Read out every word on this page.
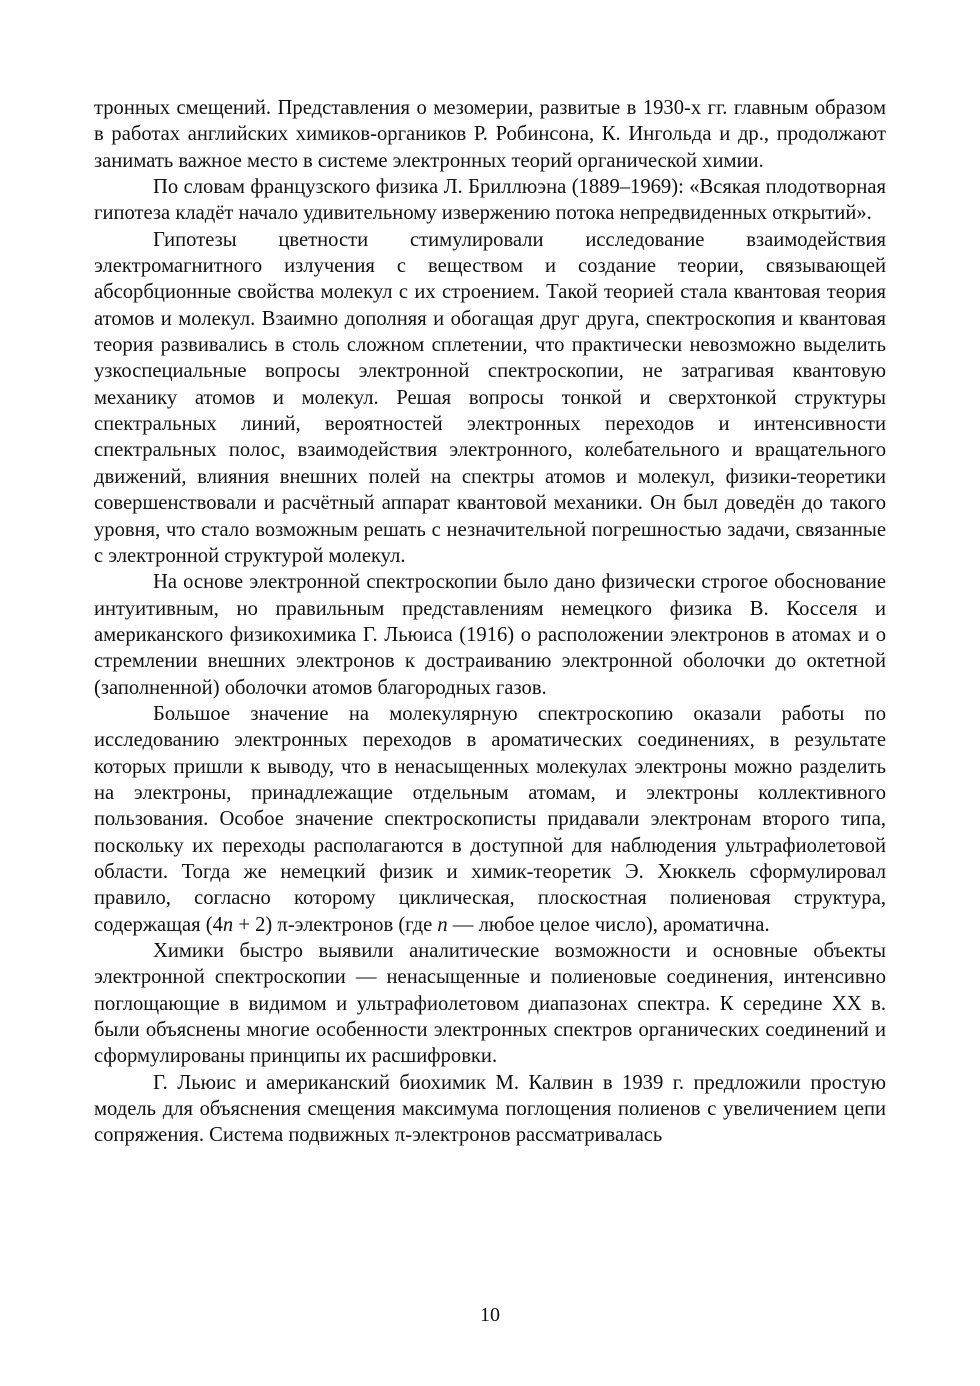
тронных смещений. Представления о мезомерии, развитые в 1930-х гг. главным образом в работах английских химиков-органиков Р. Робинсона, К. Ингольда и др., продолжают занимать важное место в системе электронных теорий органической химии.

По словам французского физика Л. Бриллюэна (1889–1969): «Всякая плодотворная гипотеза кладёт начало удивительному извержению потока непредвиденных открытий».

Гипотезы цветности стимулировали исследование взаимодействия электромагнитного излучения с веществом и создание теории, связывающей абсорбционные свойства молекул с их строением. Такой теорией стала квантовая теория атомов и молекул. Взаимно дополняя и обогащая друг друга, спектроскопия и квантовая теория развивались в столь сложном сплетении, что практически невозможно выделить узкоспециальные вопросы электронной спектроскопии, не затрагивая квантовую механику атомов и молекул. Решая вопросы тонкой и сверхтонкой структуры спектральных линий, вероятностей электронных переходов и интенсивности спектральных полос, взаимодействия электронного, колебательного и вращательного движений, влияния внешних полей на спектры атомов и молекул, физики-теоретики совершенствовали и расчётный аппарат квантовой механики. Он был доведён до такого уровня, что стало возможным решать с незначительной погрешностью задачи, связанные с электронной структурой молекул.

На основе электронной спектроскопии было дано физически строгое обоснование интуитивным, но правильным представлениям немецкого физика В. Косселя и американского физикохимика Г. Льюиса (1916) о расположении электронов в атомах и о стремлении внешних электронов к достраиванию электронной оболочки до октетной (заполненной) оболочки атомов благородных газов.

Большое значение на молекулярную спектроскопию оказали работы по исследованию электронных переходов в ароматических соединениях, в результате которых пришли к выводу, что в ненасыщенных молекулах электроны можно разделить на электроны, принадлежащие отдельным атомам, и электроны коллективного пользования. Особое значение спектроскописты придавали электронам второго типа, поскольку их переходы располагаются в доступной для наблюдения ультрафиолетовой области. Тогда же немецкий физик и химик-теоретик Э. Хюккель сформулировал правило, согласно которому циклическая, плоскостная полиеновая структура, содержащая (4n + 2) π-электронов (где n — любое целое число), ароматична.

Химики быстро выявили аналитические возможности и основные объекты электронной спектроскопии — ненасыщенные и полиеновые соединения, интенсивно поглощающие в видимом и ультрафиолетовом диапазонах спектра. К середине XX в. были объяснены многие особенности электронных спектров органических соединений и сформулированы принципы их расшифровки.

Г. Льюис и американский биохимик М. Калвин в 1939 г. предложили простую модель для объяснения смещения максимума поглощения полиенов с увеличением цепи сопряжения. Система подвижных π-электронов рассматривалась

10
